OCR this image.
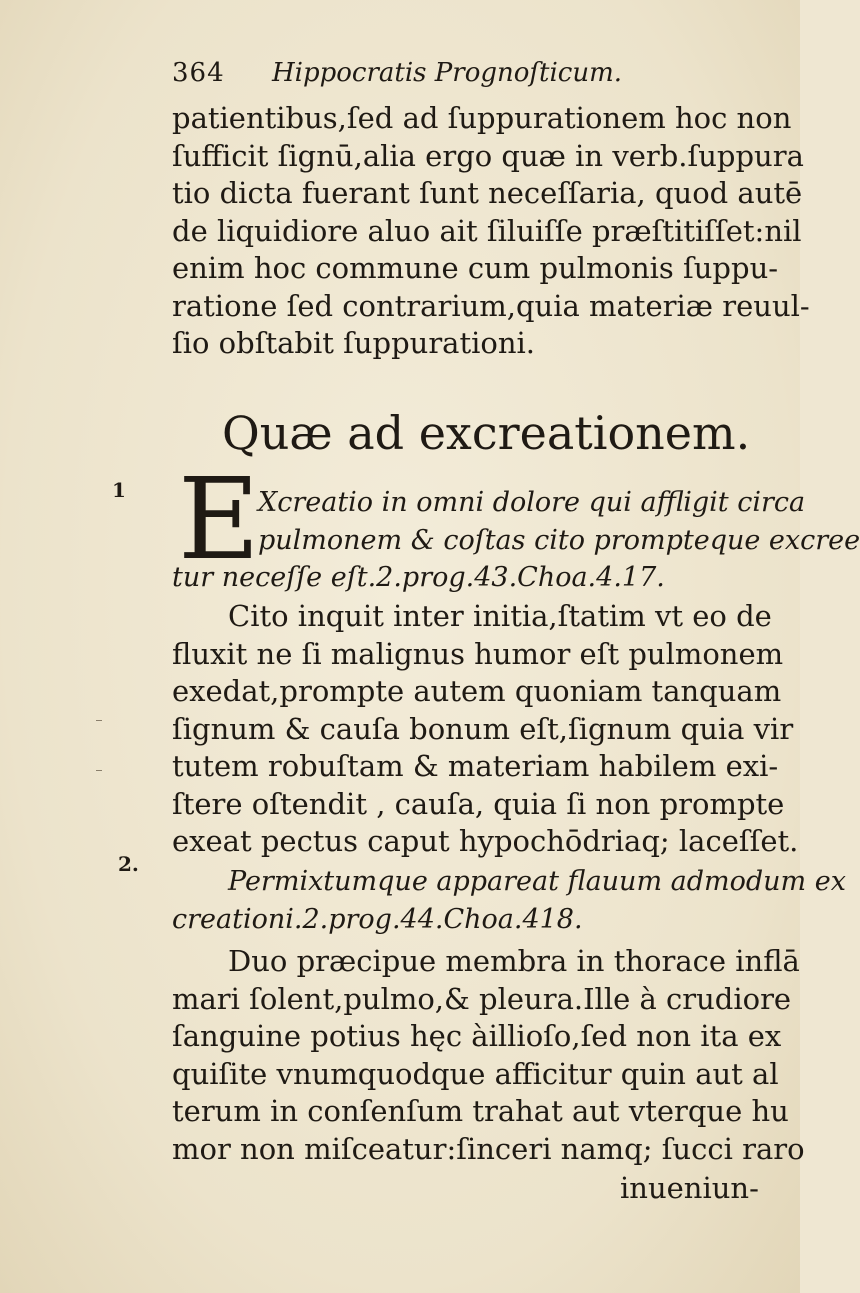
364 Hippocratis Prognoſticum.
patientibus,ſed ad ſuppurationem hoc non
ſufficit ſignū,alia ergo quæ in verb.ſuppura
tio dicta fuerant ſunt neceſſaria, quod autē
de liquidiore aluo ait ſiluiſſe præſtitiſſet:nil
enim hoc commune cum pulmonis ſuppu-
ratione ſed contrarium,quia materiæ reuul-
ſio obſtabit ſuppurationi.
Quæ ad excreationem.
1
2.
E
Xcreatio in omni dolore qui affligit circa
pulmonem & coſtas cito prompteque excree
tur neceſſe eſt.2.prog.43.Choa.4.17.
Cito inquit inter initia,ſtatim vt eo de
fluxit ne ſi malignus humor eſt pulmonem
exedat,prompte autem quoniam tanquam
ſignum & cauſa bonum eſt,ſignum quia vir
tutem robuſtam & materiam habilem exi-
ſtere oſtendit , cauſa, quia ſi non prompte
exeat pectus caput hypochōdriaq; laceſſet.
Permixtumque appareat flauum admodum ex
creationi.2.prog.44.Choa.418.
Duo præcipue membra in thorace inflā
mari ſolent,pulmo,& pleura.Ille à crudiore
ſanguine potius hęc àillioſo,ſed non ita ex
quiſite vnumquodque afficitur quin aut al
terum in conſenſum trahat aut vterque hu
mor non miſceatur:ſinceri namq; ſucci raro
inueniun-
